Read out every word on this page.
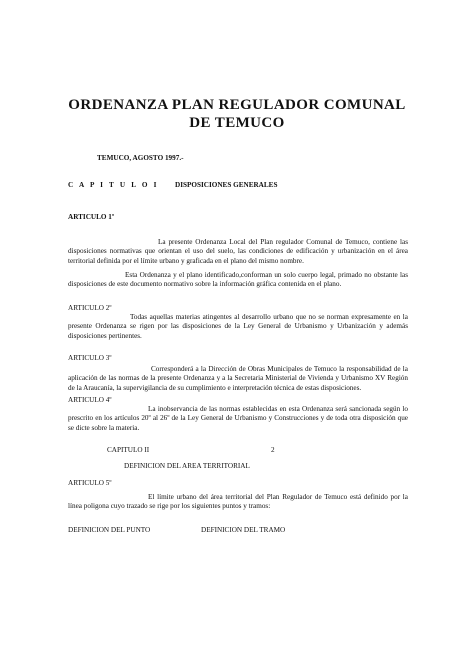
ORDENANZA PLAN REGULADOR COMUNAL DE TEMUCO
TEMUCO, AGOSTO 1997.-
C A P I T U L O I DISPOSICIONES GENERALES
ARTICULO 1º

La presente Ordenanza Local del Plan regulador Comunal de Temuco, contiene las disposiciones normativas que orientan el uso del suelo, las condiciones de edificación y urbanización en el área territorial definida por el límite urbano y graficada en el plano del mismo nombre.

Esta Ordenanza y el plano identificado,conforman un solo cuerpo legal, primado no obstante las disposiciones de este documento normativo sobre la información gráfica contenida en el plano.

ARTICULO 2º

Todas aquellas materias atingentes al desarrollo urbano que no se norman expresamente en la presente Ordenanza se rigen por las disposiciones de la Ley General de Urbanismo y Urbanización y además disposiciones pertinentes.

ARTICULO 3º

Corresponderá a la Dirección de Obras Municipales de Temuco la responsabilidad de la aplicación de las normas de la presente Ordenanza y a la Secretaria Ministerial de Vivienda y Urbanismo XV Región de la Araucanía, la supervigilancia de su cumplimiento e interpretación técnica de estas disposiciones.

ARTICULO 4º

La inobservancia de las normas establecidas en esta Ordenanza será sancionada según lo prescrito en los artículos 20º al 26º de la Ley General de Urbanismo y Construcciones y de toda otra disposición que se dicte sobre la materia.

CAPITULO II	2
DEFINICION DEL AREA TERRITORIAL
ARTICULO 5º

El límite urbano del área territorial del Plan Regulador de Temuco está definido por la línea poligona cuyo trazado se rige por los siguientes puntos y tramos:

DEFINICION DEL PUNTO	DEFINICION DEL TRAMO
